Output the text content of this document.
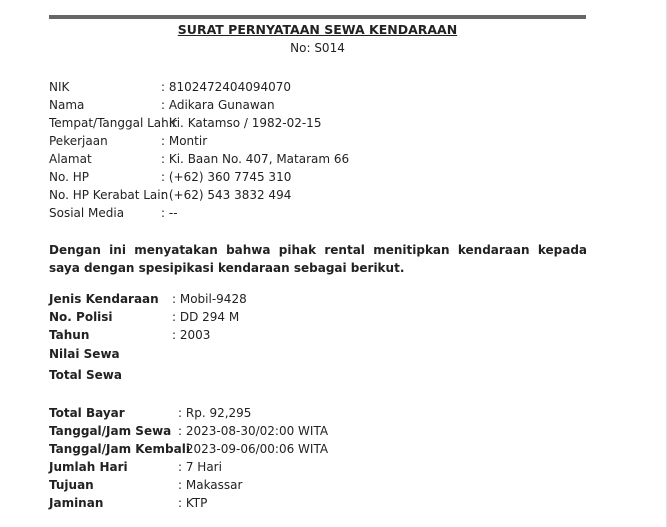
SURAT PERNYATAAN SEWA KENDARAAN
No: S014
NIK	: 8102472404094070
Nama	: Adikara Gunawan
Tempat/Tanggal Lahir
: Ki. Katamso / 1982-02-15
Pekerjaan	: Montir
Alamat	: Ki. Baan No. 407, Mataram 66
No. HP	: (+62) 360 7745 310
No. HP Kerabat Lain
: (+62) 543 3832 494
Sosial Media	: --
Dengan ini menyatakan bahwa pihak rental menitipkan kendaraan kepada saya dengan spesipikasi kendaraan sebagai berikut.
Jenis Kendaraan : Mobil-9428
No. Polisi	: DD 294 M
Tahun	: 2003
Nilai Sewa
Total Sewa
Total Bayar	: Rp. 92,295
Tanggal/Jam Sewa : 2023-08-30/02:00 WITA
Tanggal/Jam Kembali
: 2023-09-06/00:06 WITA
Jumlah Hari	: 7 Hari
Tujuan	: Makassar
Jaminan	: KTP
